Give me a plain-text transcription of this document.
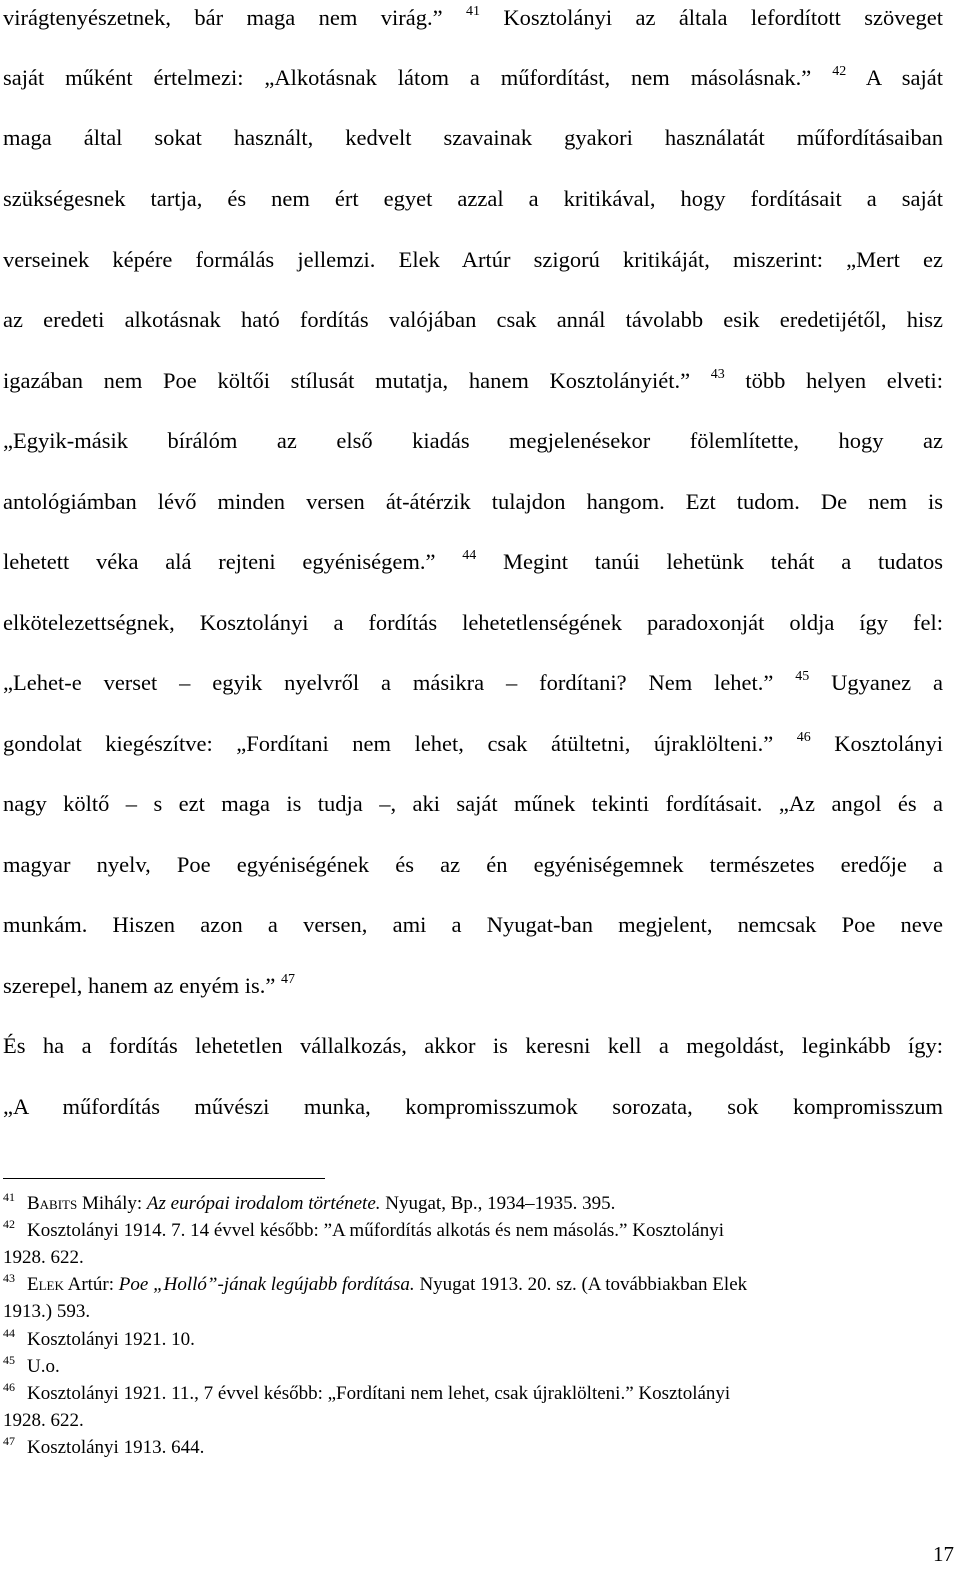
virágtenyészetnek, bár maga nem virág.” $^{41}$ Kosztolányi az általa lefordított szöveget
saját műként értelmezi: „Alkotásnak látom a műfordítást, nem másolásnak.” $^{42}$ A saját
maga által sokat használt, kedvelt szavainak gyakori használatát műfordításaiban
szükségesnek tartja, és nem ért egyet azzal a kritikával, hogy fordításait a saját
verseinek képére formálás jellemzi. Elek Artúr szigorú kritikáját, miszerint: „Mert ez
az eredeti alkotásnak ható fordítás valójában csak annál távolabb esik eredetijétől, hisz
igazában nem Poe költői stílusát mutatja, hanem Kosztolányiét.” $^{43}$ több helyen elveti:
„Egyik-másik bírálóm az első kiadás megjelenésekor fölemlítette, hogy az
antológiámban lévő minden versen át-átérzik tulajdon hangom. Ezt tudom. De nem is
lehetett véka alá rejteni egyéniségem.” $^{44}$ Megint tanúi lehetünk tehát a tudatos
elkötelezettségnek, Kosztolányi a fordítás lehetetlenségének paradoxonját oldja így fel:
„Lehet-e verset – egyik nyelvről a másikra – fordítani? Nem lehet.” $^{45}$ Ugyanez a
gondolat kiegészítve: „Fordítani nem lehet, csak átültetni, újraklölteni.” $^{46}$ Kosztolányi
nagy költő – s ezt maga is tudja –, aki saját műnek tekinti fordításait. „Az angol és a
magyar nyelv, Poe egyéniségének és az én egyéniségemnek természetes eredője a
munkám. Hiszen azon a versen, ami a Nyugat-ban megjelent, nemcsak Poe neve
szerepel, hanem az enyém is.” $^{47}$
És ha a fordítás lehetetlen vállalkozás, akkor is keresni kell a megoldást, leginkább így:
„A műfordítás művészi munka, kompromisszumok sorozata, sok kompromisszum
$^{41}$ Babits Mihály: Az európai irodalom története. Nyugat, Bp., 1934–1935. 395.
$^{42}$ Kosztolányi 1914. 7. 14 évvel később: ”A műfordítás alkotás és nem másolás.” Kosztolányi
1928. 622.
$^{43}$ Elek Artúr: Poe „Holló”-jának legújabb fordítása. Nyugat 1913. 20. sz. (A továbbiakban Elek
1913.) 593.
$^{44}$ Kosztolányi 1921. 10.
$^{45}$ U.o.
$^{46}$ Kosztolányi 1921. 11., 7 évvel később: „Fordítani nem lehet, csak újraklölteni.” Kosztolányi
1928. 622.
$^{47}$ Kosztolányi 1913. 644.
17
